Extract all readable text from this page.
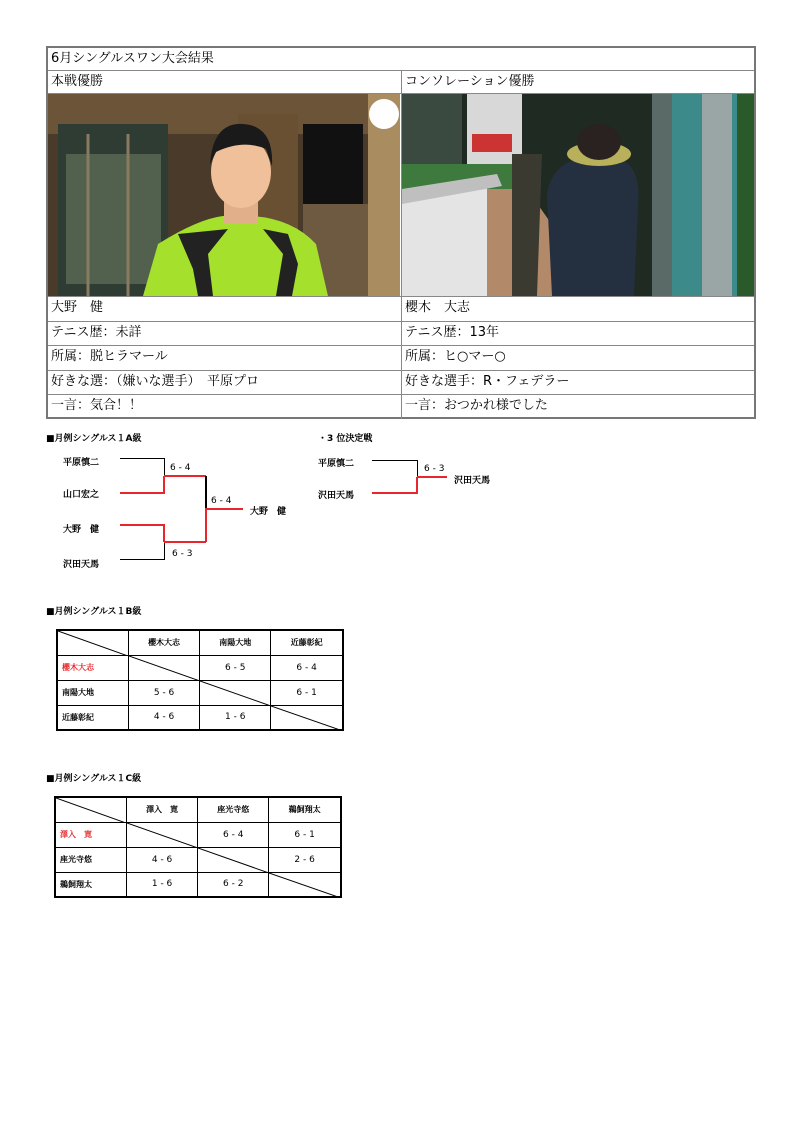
6月シングルスワン大会結果
本戦優勝	コンソレーション優勝
大野　健	櫻木　大志
テニス歴：未詳	テニス歴：13年
所属：脱ヒラマール	所属：ヒ○マー○
好きな選：（嫌いな選手）　平原プロ	好きな選手：R・フェデラー
一言：気合！！	一言：おつかれ様でした
■月例シングルス１A級
平原慎二
山口宏之
大野　健
沢田天馬
6 - 4
6 - 3
6 - 4
大野　健
・3 位決定戦
平原慎二
沢田天馬
6 - 3
沢田天馬
■月例シングルス１B級
	櫻木大志	南陽大地	近藤彰紀
櫻木大志		6 - 5	6 - 4
南陽大地	5 - 6		6 - 1
近藤彰紀	4 - 6	1 - 6	
■月例シングルス１C級
	澤入　寛	座光寺悠	鵜飼翔太
澤入　寛		6 - 4	6 - 1
座光寺悠	4 - 6		2 - 6
鵜飼翔太	1 - 6	6 - 2	
